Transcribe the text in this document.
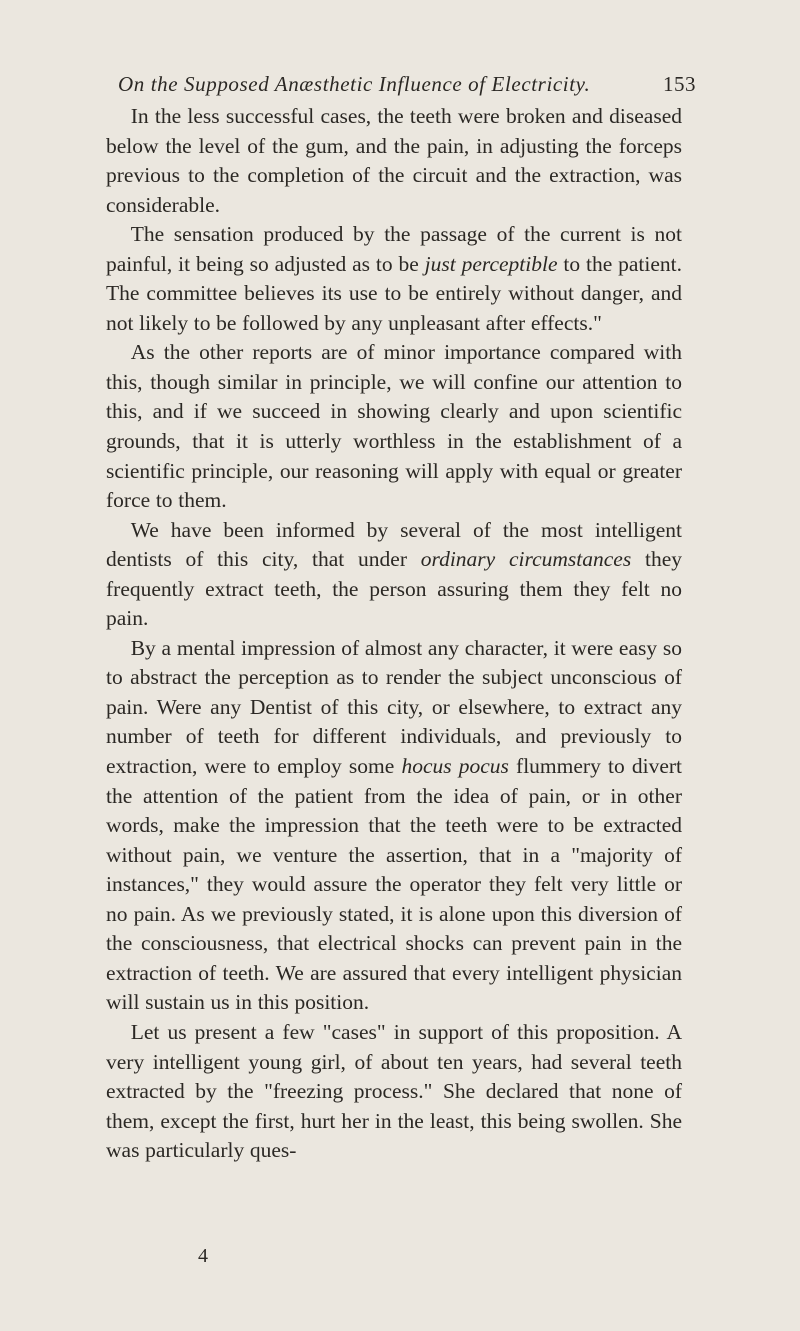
On the Supposed Anæsthetic Influence of Electricity.	153

In the less successful cases, the teeth were broken and diseased below the level of the gum, and the pain, in adjusting the forceps previous to the completion of the circuit and the extraction, was considerable.

The sensation produced by the passage of the current is not painful, it being so adjusted as to be just perceptible to the patient. The committee believes its use to be entirely without danger, and not likely to be followed by any unpleasant after effects."

As the other reports are of minor importance compared with this, though similar in principle, we will confine our attention to this, and if we succeed in showing clearly and upon scientific grounds, that it is utterly worthless in the establishment of a scientific principle, our reasoning will apply with equal or greater force to them.

We have been informed by several of the most intelligent dentists of this city, that under ordinary circumstances they frequently extract teeth, the person assuring them they felt no pain.

By a mental impression of almost any character, it were easy so to abstract the perception as to render the subject unconscious of pain. Were any Dentist of this city, or elsewhere, to extract any number of teeth for different individuals, and previously to extraction, were to employ some hocus pocus flummery to divert the attention of the patient from the idea of pain, or in other words, make the impression that the teeth were to be extracted without pain, we venture the assertion, that in a "majority of instances," they would assure the operator they felt very little or no pain. As we previously stated, it is alone upon this diversion of the consciousness, that electrical shocks can prevent pain in the extraction of teeth. We are assured that every intelligent physician will sustain us in this position.

Let us present a few "cases" in support of this proposition. A very intelligent young girl, of about ten years, had several teeth extracted by the "freezing process." She declared that none of them, except the first, hurt her in the least, this being swollen. She was particularly ques-

4
